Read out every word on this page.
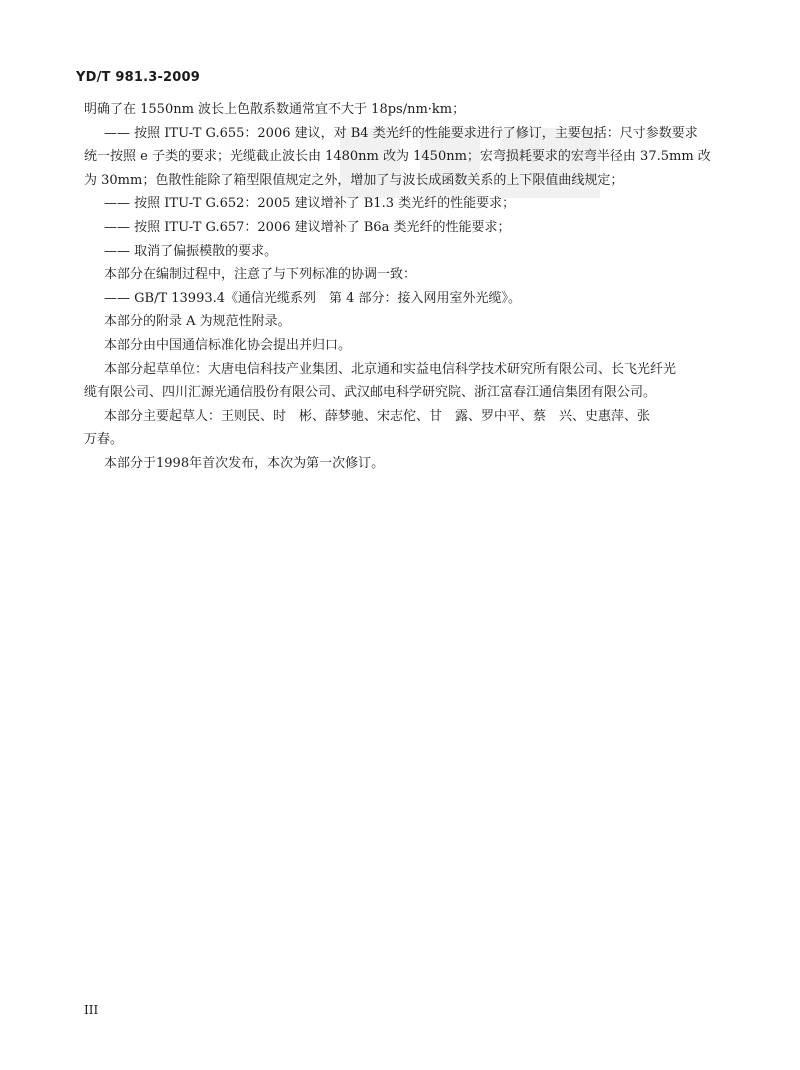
YD/T 981.3-2009

明确了在 1550nm 波长上色散系数通常宜不大于 18ps/nm·km；

—— 按照 ITU-T G.655：2006 建议，对 B4 类光纤的性能要求进行了修订，主要包括：尺寸参数要求

统一按照 e 子类的要求；光缆截止波长由 1480nm 改为 1450nm；宏弯损耗要求的宏弯半径由 37.5mm 改

为 30mm；色散性能除了箱型限值规定之外，增加了与波长成函数关系的上下限值曲线规定；

—— 按照 ITU-T G.652：2005 建议增补了 B1.3 类光纤的性能要求；

—— 按照 ITU-T G.657：2006 建议增补了 B6a 类光纤的性能要求；

—— 取消了偏振模散的要求。

本部分在编制过程中，注意了与下列标准的协调一致：

—— GB/T 13993.4《通信光缆系列　第 4 部分：接入网用室外光缆》。

本部分的附录 A 为规范性附录。

本部分由中国通信标准化协会提出并归口。

本部分起草单位：大唐电信科技产业集团、北京通和实益电信科学技术研究所有限公司、长飞光纤光

缆有限公司、四川汇源光通信股份有限公司、武汉邮电科学研究院、浙江富春江通信集团有限公司。

本部分主要起草人：王则民、时　彬、薛梦驰、宋志佗、甘　露、罗中平、蔡　兴、史惠萍、张

万春。

本部分于1998年首次发布，本次为第一次修订。

III
